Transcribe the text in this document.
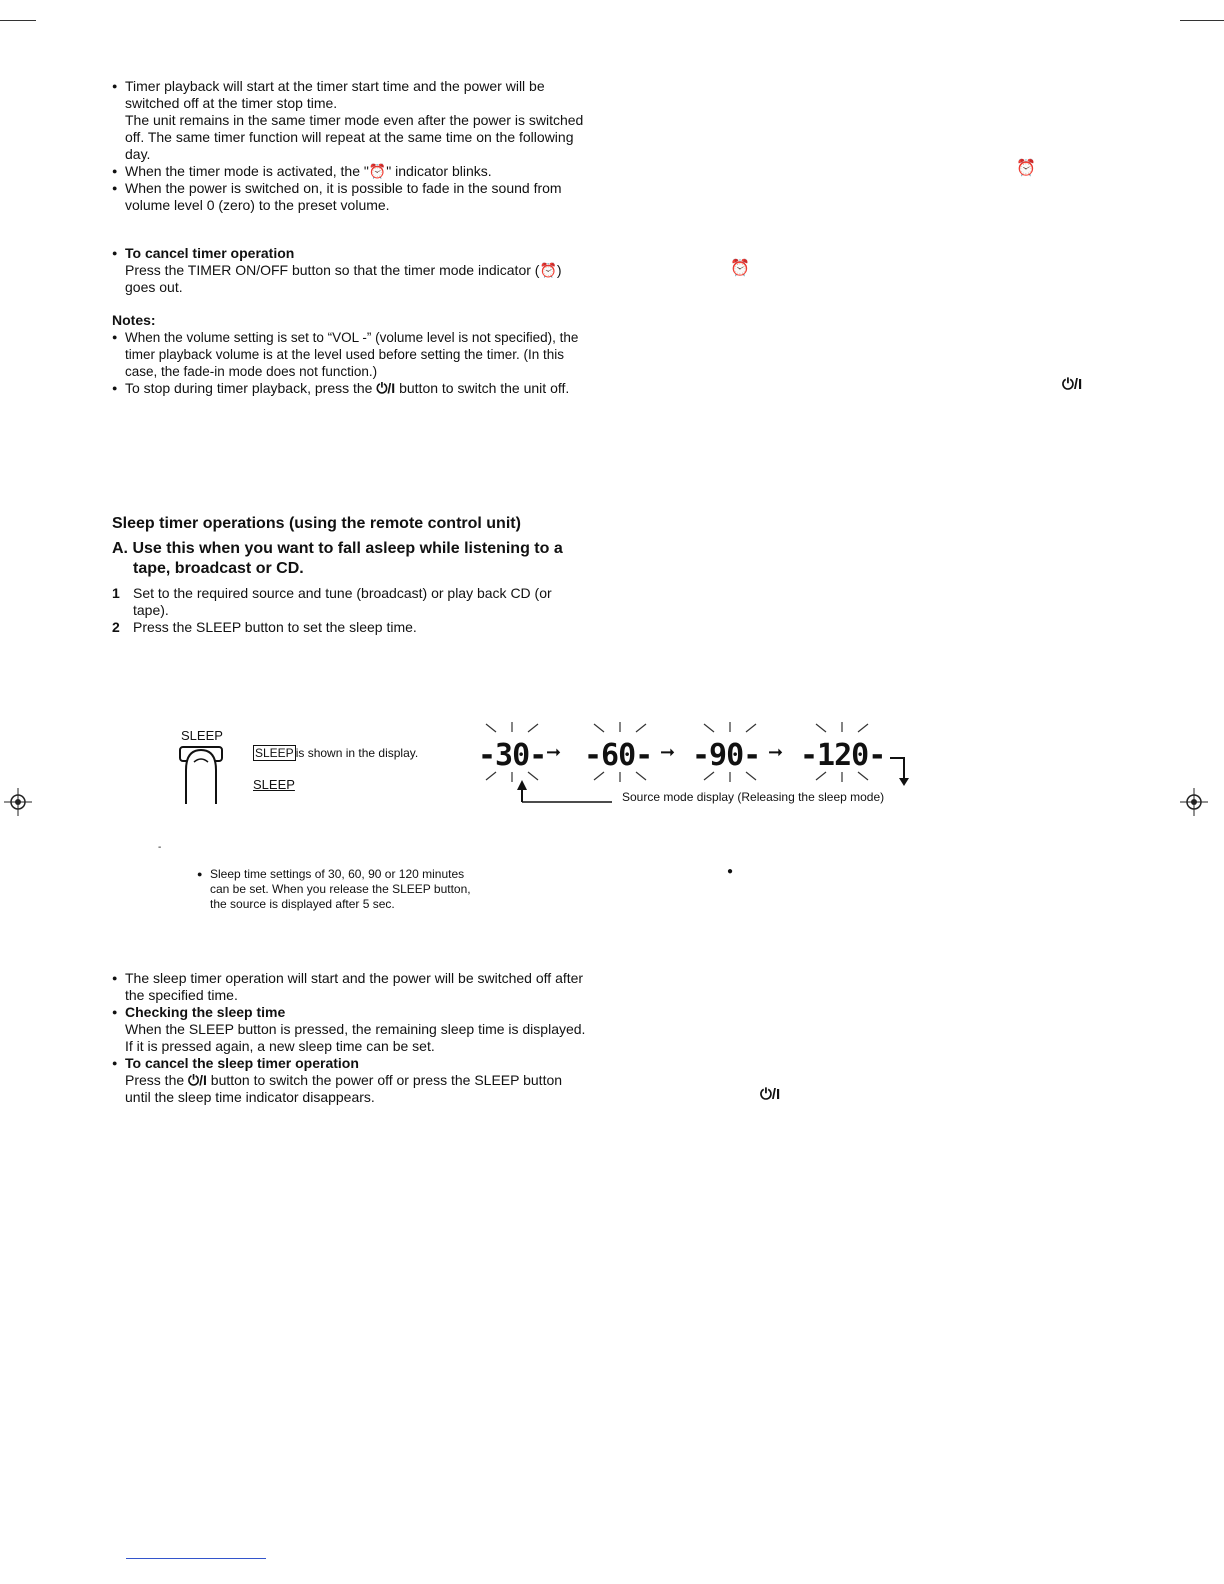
● Timer playback will start at the timer start time and the power will be switched off at the timer stop time.
The unit remains in the same timer mode even after the power is switched off. The same timer function will repeat at the same time on the following day.
● When the timer mode is activated, the "⏰" indicator blinks.
● When the power is switched on, it is possible to fade in the sound from volume level 0 (zero) to the preset volume.
⏰
⏰
⏻/I
⏻/I
●
● To cancel timer operation
Press the TIMER ON/OFF button so that the timer mode indicator (⏰) goes out.
Notes:
● When the volume setting is set to “VOL -” (volume level is not specified), the timer playback volume is at the level used before setting the timer. (In this case, the fade-in mode does not function.)
● To stop during timer playback, press the ⏻/I button to switch the unit off.
Sleep timer operations (using the remote control unit)
A. Use this when you want to fall asleep while listening to a
tape, broadcast or CD.
1 Set to the required source and tune (broadcast) or play back CD (or tape).
2 Press the SLEEP button to set the sleep time.
SLEEP
SLEEP is shown in the display.
SLEEP
-30- ➞ -60- ➞ -90- ➞ -120-
Source mode display (Releasing the sleep mode)
-
● Sleep time settings of 30, 60, 90 or 120 minutes can be set. When you release the SLEEP button, the source is displayed after 5 sec.
● The sleep timer operation will start and the power will be switched off after the specified time.
● Checking the sleep time
When the SLEEP button is pressed, the remaining sleep time is displayed. If it is pressed again, a new sleep time can be set.
● To cancel the sleep timer operation
Press the ⏻/I button to switch the power off or press the SLEEP button until the sleep time indicator disappears.
